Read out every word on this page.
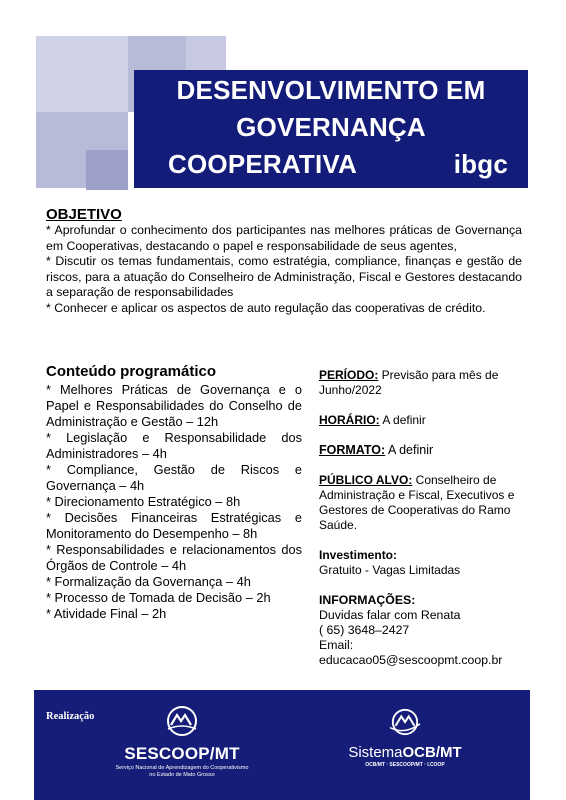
DESENVOLVIMENTO EM
GOVERNANÇA
COOPERATIVA	ibgc
OBJETIVO

* Aprofundar o conhecimento dos participantes nas melhores práticas de Governança em Cooperativas, destacando o papel e responsabilidade de seus agentes,

* Discutir os temas fundamentais, como estratégia, compliance, finanças e gestão de riscos, para a atuação do Conselheiro de Administração, Fiscal e Gestores destacando a separação de responsabilidades

* Conhecer e aplicar os aspectos de auto regulação das cooperativas de crédito.

Conteúdo programático
* Melhores Práticas de Governança e o Papel e Responsabilidades do Conselho de Administração e Gestão – 12h
* Legislação e Responsabilidade dos Administradores – 4h
* Compliance, Gestão de Riscos e Governança – 4h
* Direcionamento Estratégico – 8h
* Decisões Financeiras Estratégicas e Monitoramento do Desempenho – 8h
* Responsabilidades e relacionamentos dos Órgãos de Controle – 4h
* Formalização da Governança – 4h
* Processo de Tomada de Decisão – 2h
* Atividade Final – 2h
PERÍODO: Previsão para mês de Junho/2022
HORÁRIO: A definir
FORMATO: A definir
PÚBLICO ALVO: Conselheiro de Administração e Fiscal, Executivos e Gestores de Cooperativas do Ramo Saúde.
Investimento:
Gratuito - Vagas Limitadas
INFORMAÇÕES:
Duvidas falar com Renata
( 65) 3648–2427
Email:
educacao05@sescoopmt.coop.br
Realização
SESCOOP/MT
Serviço Nacional de Aprendizagem do Cooperativismo
no Estado de Mato Grosso
SistemaOCB/MT
OCB/MT · SESCOOP/MT · I.COOP
